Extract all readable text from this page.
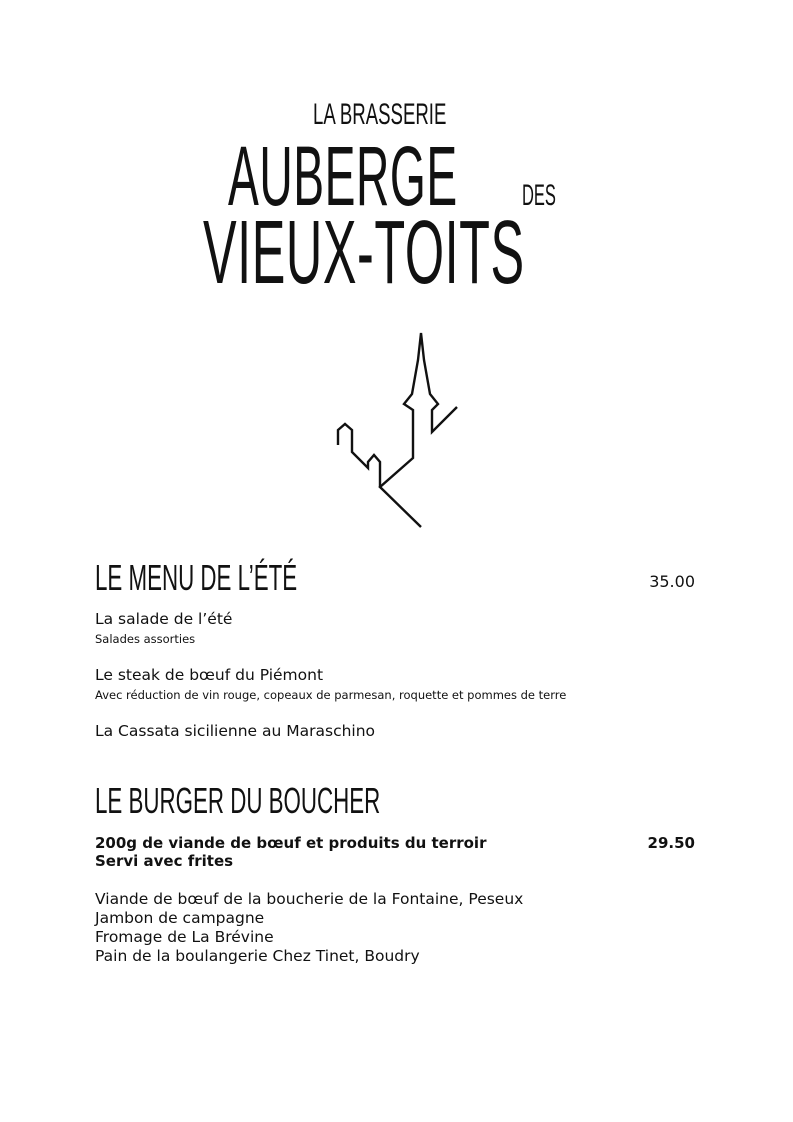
LA BRASSERIE
AUBERGE DES
VIEUX-TOITS
LE MENU DE L’ÉTÉ	35.00
La salade de l’été
Salades assorties
Le steak de bœuf du Piémont
Avec réduction de vin rouge, copeaux de parmesan, roquette et pommes de terre
La Cassata sicilienne au Maraschino
LE BURGER DU BOUCHER
200g de viande de bœuf et produits du terroir
Servi avec frites
29.50
Viande de bœuf de la boucherie de la Fontaine, Peseux
Jambon de campagne
Fromage de La Brévine
Pain de la boulangerie Chez Tinet, Boudry
